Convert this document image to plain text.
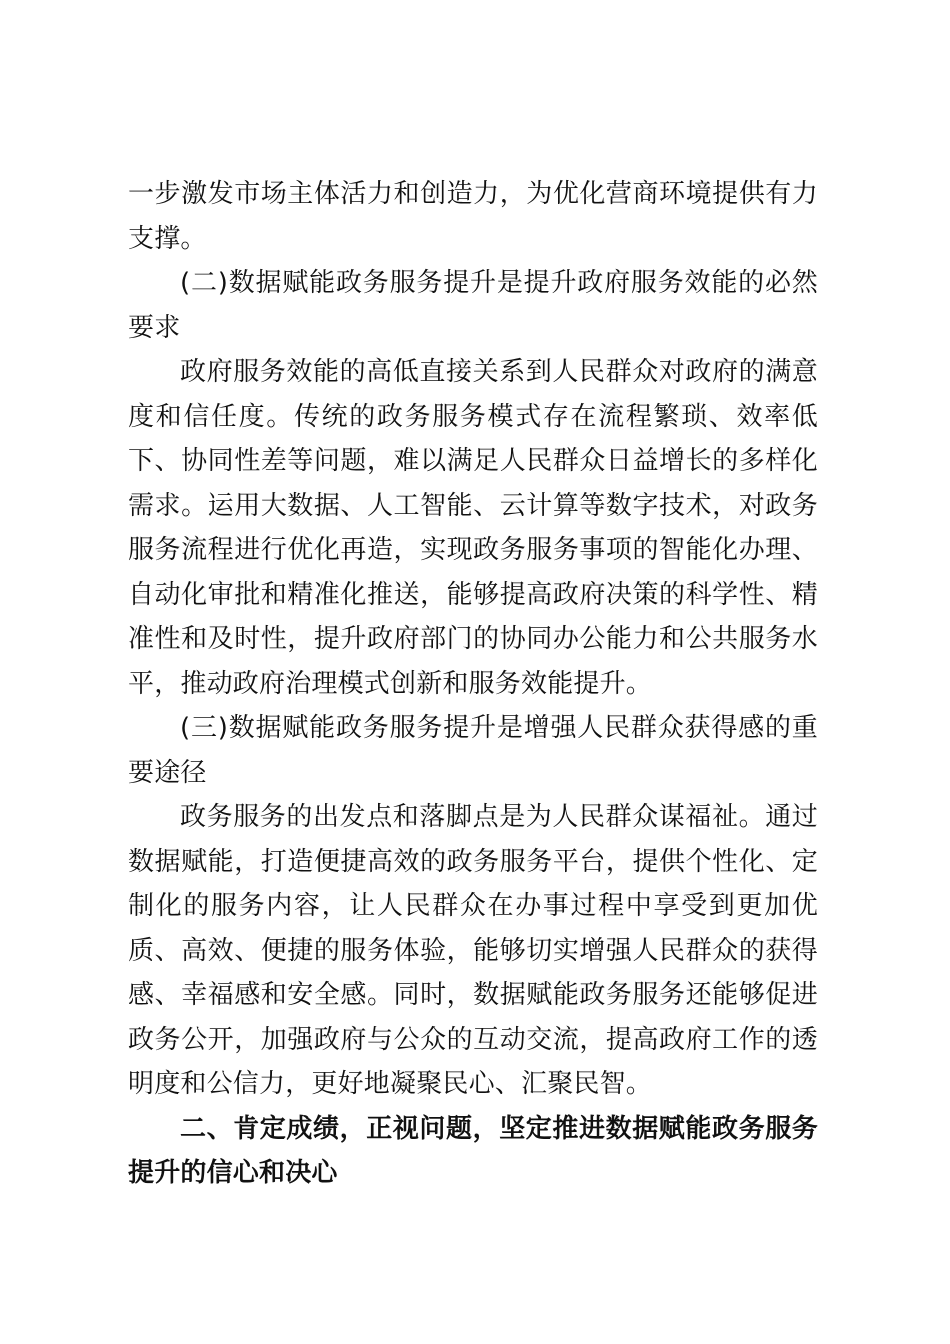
一步激发市场主体活力和创造力，为优化营商环境提供有力支撑。

(二)数据赋能政务服务提升是提升政府服务效能的必然要求

政府服务效能的高低直接关系到人民群众对政府的满意度和信任度。传统的政务服务模式存在流程繁琐、效率低下、协同性差等问题，难以满足人民群众日益增长的多样化需求。运用大数据、人工智能、云计算等数字技术，对政务服务流程进行优化再造，实现政务服务事项的智能化办理、自动化审批和精准化推送，能够提高政府决策的科学性、精准性和及时性，提升政府部门的协同办公能力和公共服务水平，推动政府治理模式创新和服务效能提升。

(三)数据赋能政务服务提升是增强人民群众获得感的重要途径

政务服务的出发点和落脚点是为人民群众谋福祉。通过数据赋能，打造便捷高效的政务服务平台，提供个性化、定制化的服务内容，让人民群众在办事过程中享受到更加优质、高效、便捷的服务体验，能够切实增强人民群众的获得感、幸福感和安全感。同时，数据赋能政务服务还能够促进政务公开，加强政府与公众的互动交流，提高政府工作的透明度和公信力，更好地凝聚民心、汇聚民智。

二、肯定成绩，正视问题，坚定推进数据赋能政务服务提升的信心和决心
